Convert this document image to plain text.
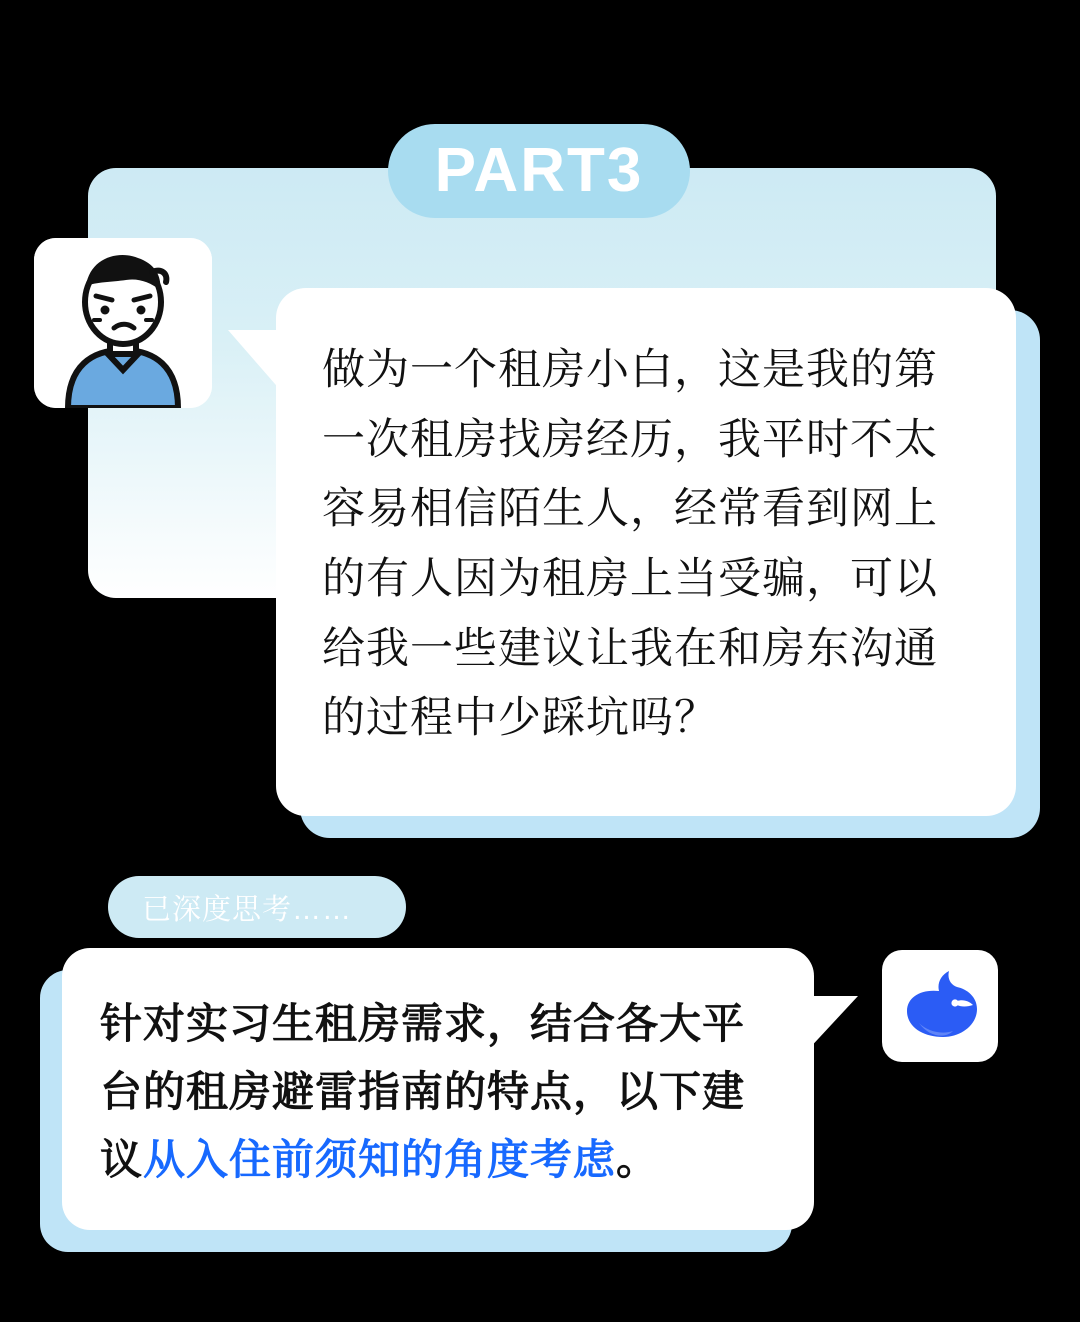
PART3
做为一个租房小白，这是我的第一次租房找房经历，我平时不太容易相信陌生人，经常看到网上的有人因为租房上当受骗，可以给我一些建议让我在和房东沟通的过程中少踩坑吗？
已深度思考……
针对实习生租房需求，结合各大平台的租房避雷指南的特点，以下建议从入住前须知的角度考虑。
